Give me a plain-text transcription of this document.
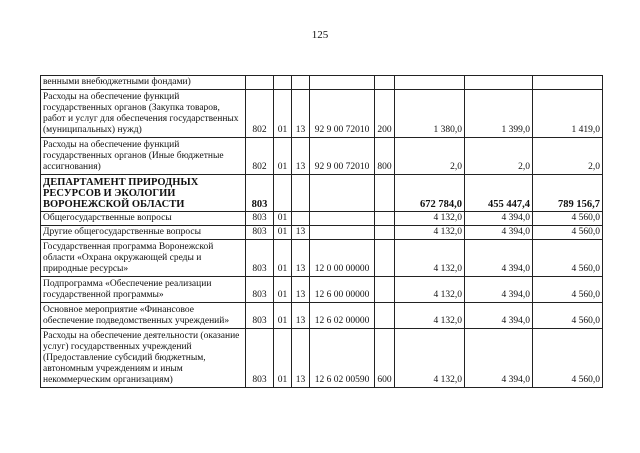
125
венными внебюджетными фондами)								
Расходы на обеспечение функций государственных органов (Закупка товаров, работ и услуг для обеспечения государственных (муниципальных) нужд)	802	01	13	92 9 00 72010	200	1 380,0	1 399,0	1 419,0
Расходы на обеспечение функций государственных органов (Иные бюджетные ассигнования)	802	01	13	92 9 00 72010	800	2,0	2,0	2,0
ДЕПАРТАМЕНТ ПРИРОДНЫХ РЕСУРСОВ И ЭКОЛОГИИ ВОРОНЕЖСКОЙ ОБЛАСТИ	803					672 784,0	455 447,4	789 156,7
Общегосударственные вопросы	803	01				4 132,0	4 394,0	4 560,0
Другие общегосударственные вопросы	803	01	13			4 132,0	4 394,0	4 560,0
Государственная программа Воронежской области «Охрана окружающей среды и природные ресурсы»	803	01	13	12 0 00 00000		4 132,0	4 394,0	4 560,0
Подпрограмма «Обеспечение реализации государственной программы»	803	01	13	12 6 00 00000		4 132,0	4 394,0	4 560,0
Основное мероприятие «Финансовое обеспечение подведомственных учреждений»	803	01	13	12 6 02 00000		4 132,0	4 394,0	4 560,0
Расходы на обеспечение деятельности (оказание услуг) государственных учреждений (Предоставление субсидий бюджетным, автономным учреждениям и иным некоммерческим организациям)	803	01	13	12 6 02 00590	600	4 132,0	4 394,0	4 560,0
